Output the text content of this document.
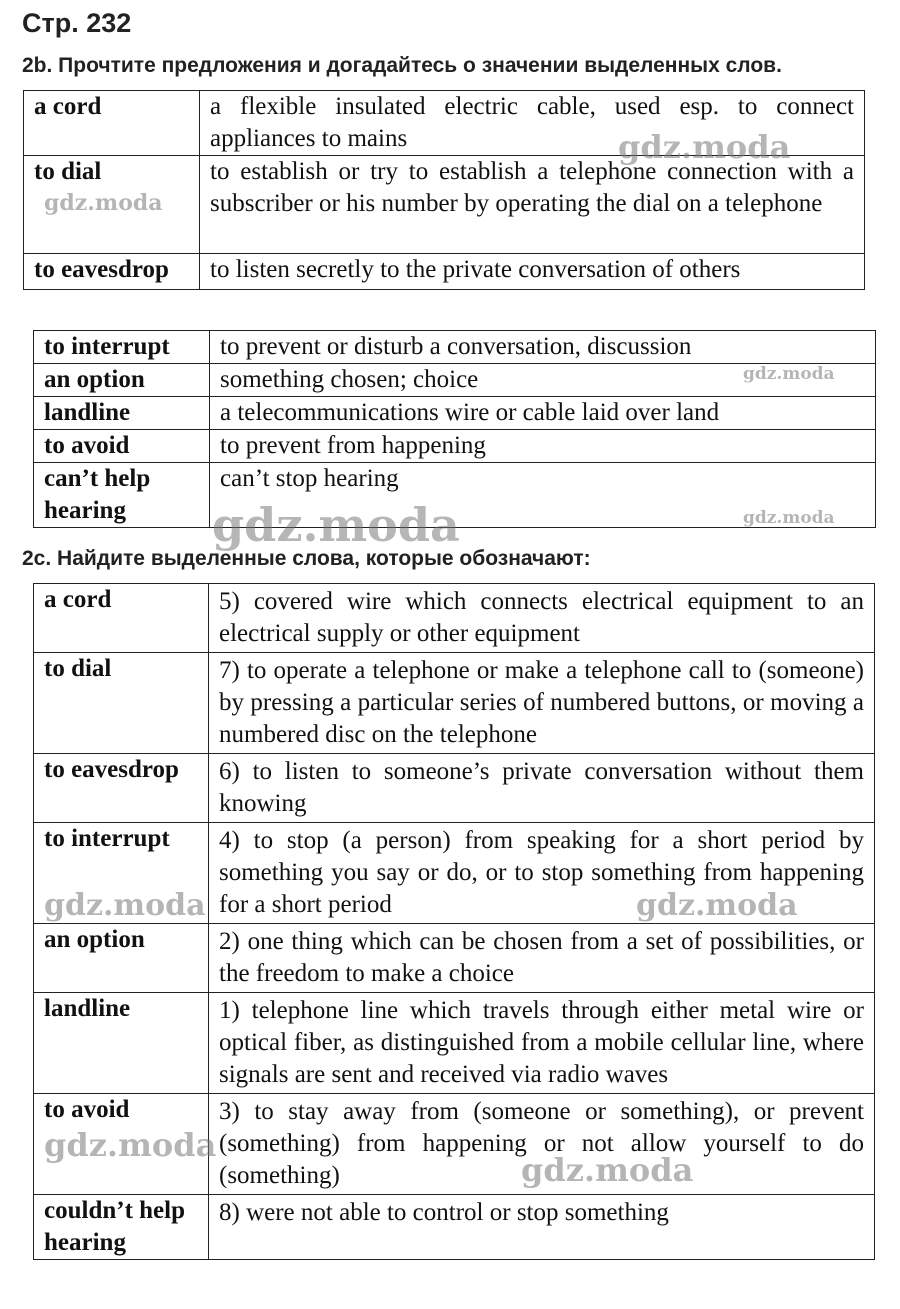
Стр. 232
2b. Прочтите предложения и догадайтесь о значении выделенных слов.
a cord	a flexible insulated electric cable, used esp. to connect appliances to mains
to dial	to establish or try to establish a telephone connection with a subscriber or his number by operating the dial on a telephone
to eavesdrop	to listen secretly to the private conversation of others
to interrupt	to prevent or disturb a conversation, discussion
an option	something chosen; choice
landline	a telecommunications wire or cable laid over land
to avoid	to prevent from happening
can’t help hearing	can’t stop hearing
2c. Найдите выделенные слова, которые обозначают:
a cord	5) covered wire which connects electrical equipment to an electrical supply or other equipment
to dial	7) to operate a telephone or make a telephone call to (someone) by pressing a particular series of numbered buttons, or moving a numbered disc on the telephone
to eavesdrop	6) to listen to someone’s private conversation without them knowing
to interrupt	4) to stop (a person) from speaking for a short period by something you say or do, or to stop something from happening for a short period
an option	2) one thing which can be chosen from a set of possibilities, or the freedom to make a choice
landline	1) telephone line which travels through either metal wire or optical fiber, as distinguished from a mobile cellular line, where signals are sent and received via radio waves
to avoid	3) to stay away from (someone or something), or prevent (something) from happening or not allow yourself to do (something)
couldn’t help hearing	8) were not able to control or stop something
gdz.moda
gdz.moda
gdz.moda
gdz.moda	gdz.moda
gdz.moda	gdz.moda
gdz.moda
gdz.moda
